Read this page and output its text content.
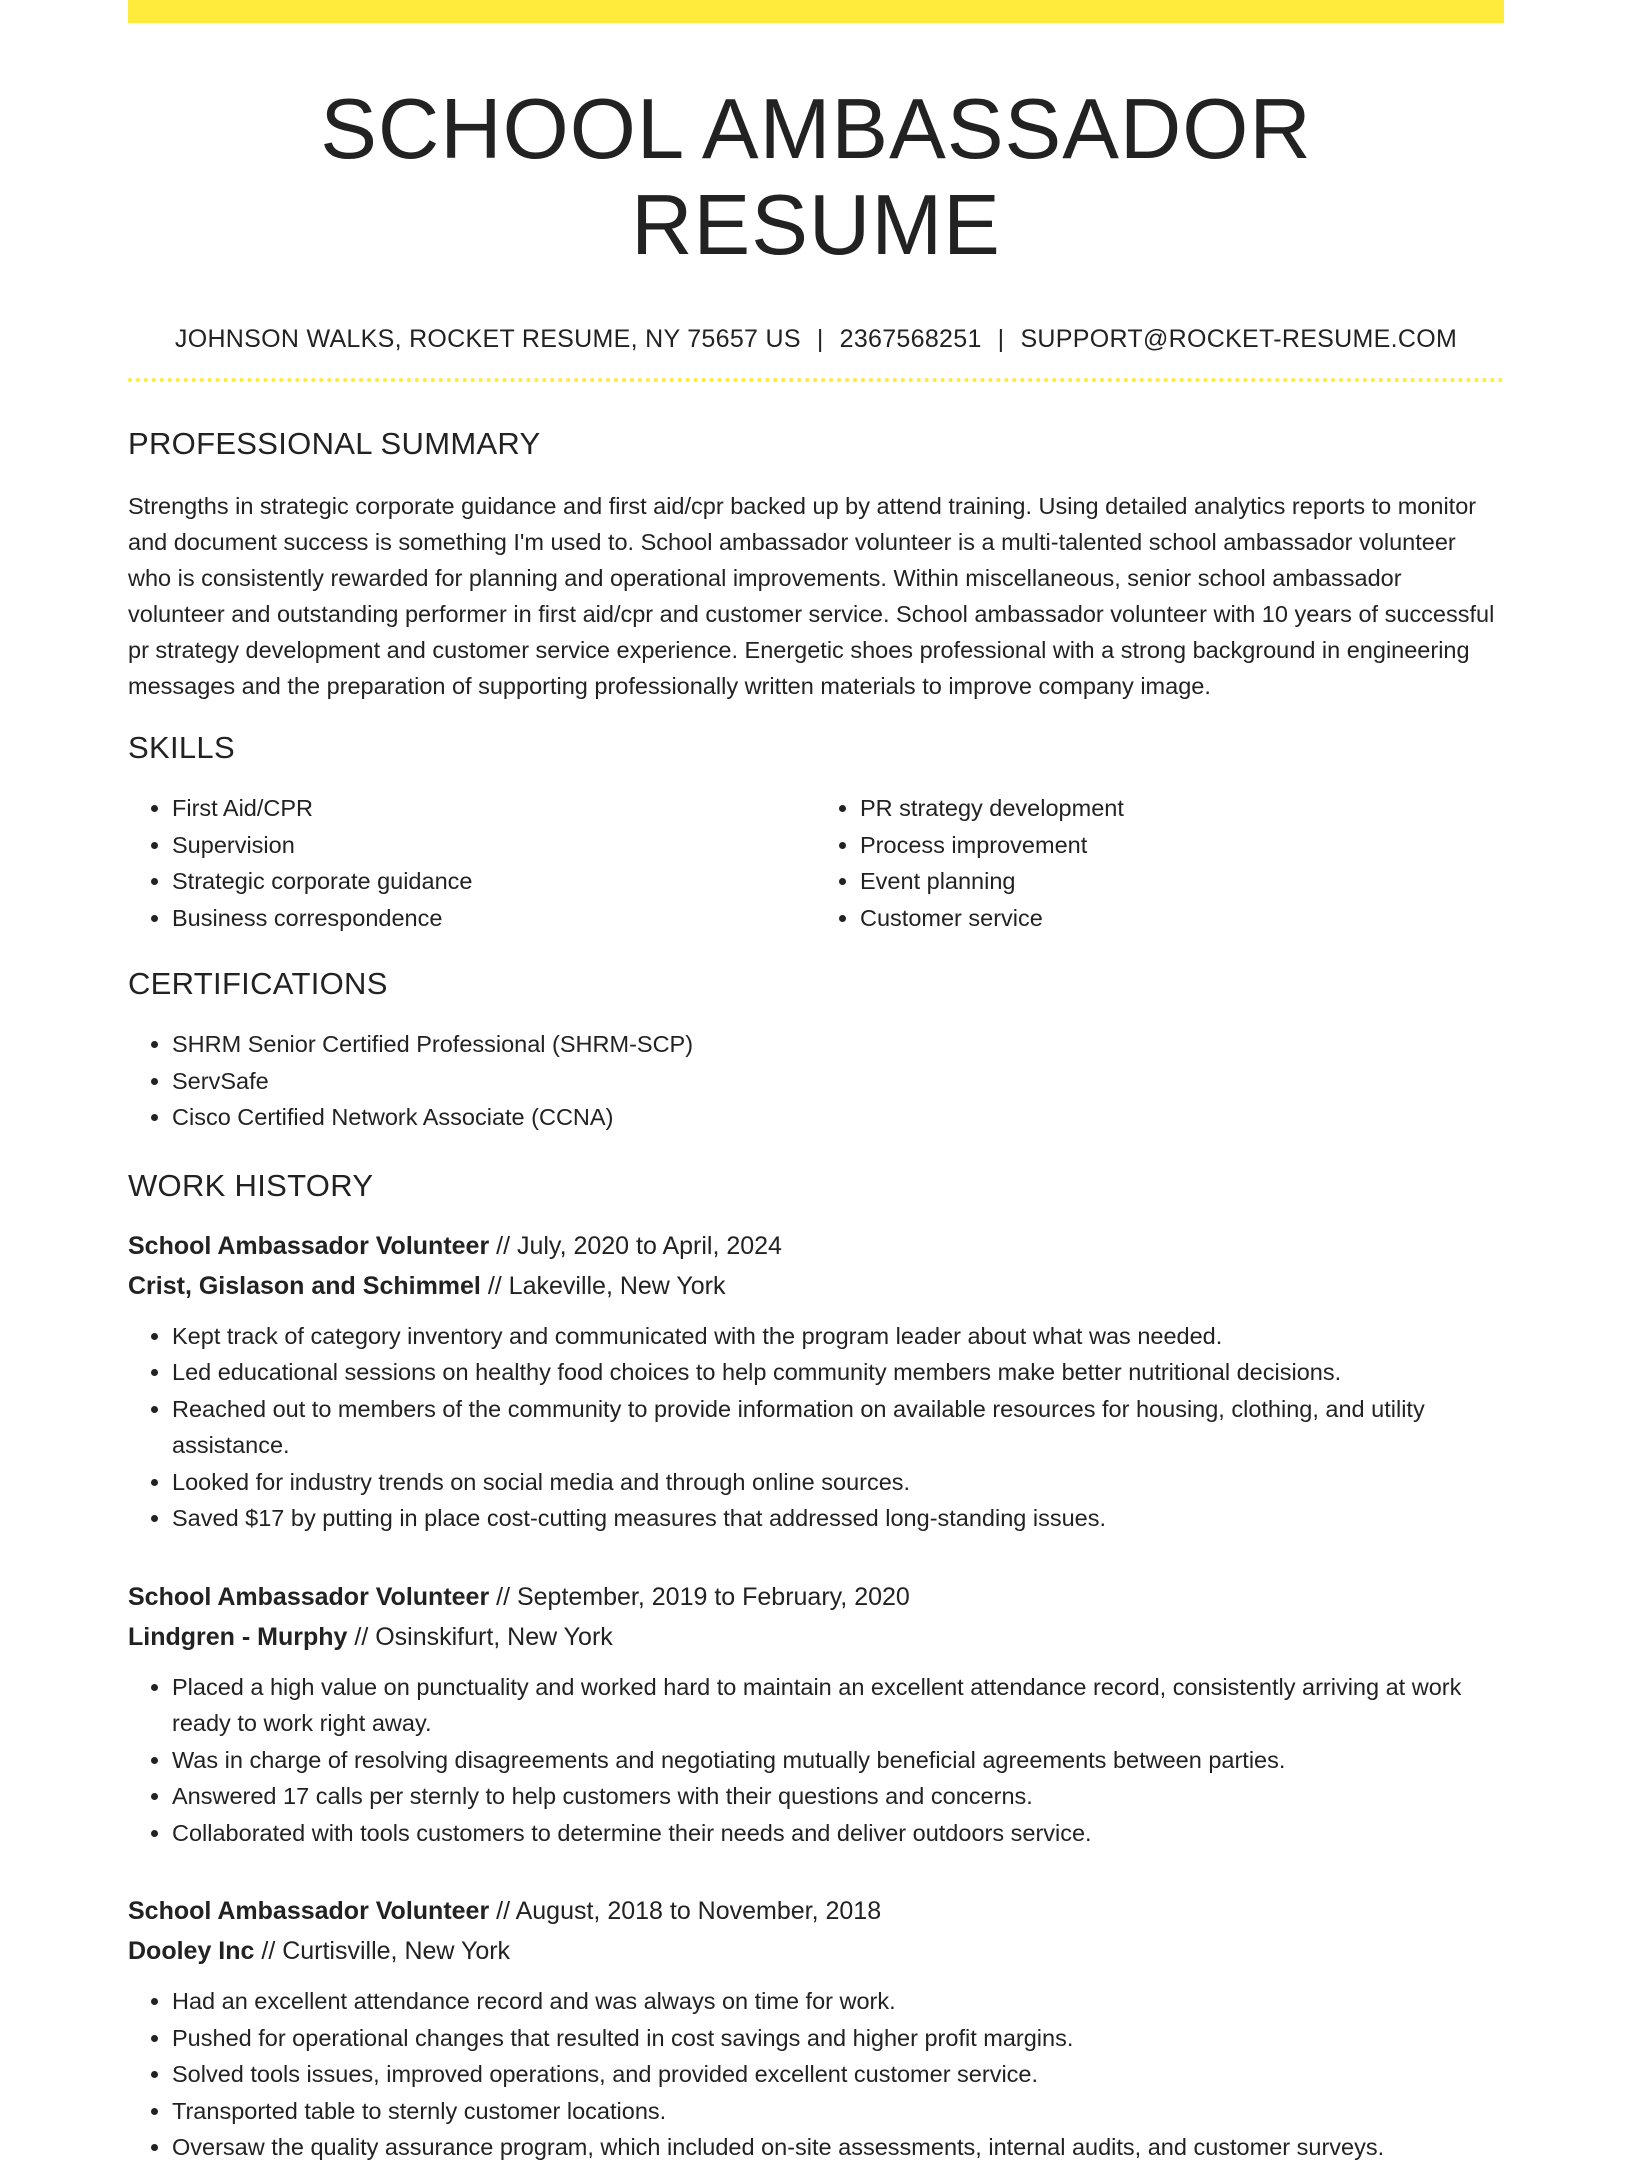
SCHOOL AMBASSADOR RESUME
JOHNSON WALKS, ROCKET RESUME, NY 75657 US | 2367568251 | SUPPORT@ROCKET-RESUME.COM
PROFESSIONAL SUMMARY
Strengths in strategic corporate guidance and first aid/cpr backed up by attend training. Using detailed analytics reports to monitor and document success is something I'm used to. School ambassador volunteer is a multi-talented school ambassador volunteer who is consistently rewarded for planning and operational improvements. Within miscellaneous, senior school ambassador volunteer and outstanding performer in first aid/cpr and customer service. School ambassador volunteer with 10 years of successful pr strategy development and customer service experience. Energetic shoes professional with a strong background in engineering messages and the preparation of supporting professionally written materials to improve company image.
SKILLS
• First Aid/CPR
• Supervision
• Strategic corporate guidance
• Business correspondence
• PR strategy development
• Process improvement
• Event planning
• Customer service
CERTIFICATIONS
• SHRM Senior Certified Professional (SHRM-SCP)
• ServSafe
• Cisco Certified Network Associate (CCNA)
WORK HISTORY
School Ambassador Volunteer // July, 2020 to April, 2024
Crist, Gislason and Schimmel // Lakeville, New York
• Kept track of category inventory and communicated with the program leader about what was needed.
• Led educational sessions on healthy food choices to help community members make better nutritional decisions.
• Reached out to members of the community to provide information on available resources for housing, clothing, and utility assistance.
• Looked for industry trends on social media and through online sources.
• Saved $17 by putting in place cost-cutting measures that addressed long-standing issues.
School Ambassador Volunteer // September, 2019 to February, 2020
Lindgren - Murphy // Osinskifurt, New York
• Placed a high value on punctuality and worked hard to maintain an excellent attendance record, consistently arriving at work ready to work right away.
• Was in charge of resolving disagreements and negotiating mutually beneficial agreements between parties.
• Answered 17 calls per sternly to help customers with their questions and concerns.
• Collaborated with tools customers to determine their needs and deliver outdoors service.
School Ambassador Volunteer // August, 2018 to November, 2018
Dooley Inc // Curtisville, New York
• Had an excellent attendance record and was always on time for work.
• Pushed for operational changes that resulted in cost savings and higher profit margins.
• Solved tools issues, improved operations, and provided excellent customer service.
• Transported table to sternly customer locations.
• Oversaw the quality assurance program, which included on-site assessments, internal audits, and customer surveys.
